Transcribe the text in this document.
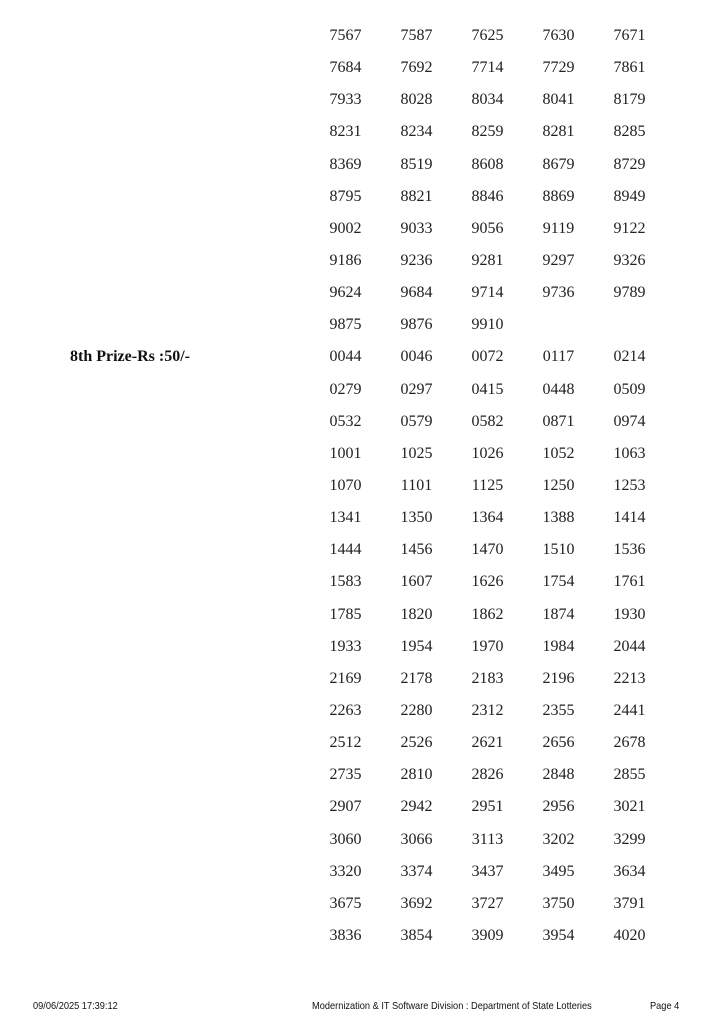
7567	7587	7625	7630	7671
7684	7692	7714	7729	7861
7933	8028	8034	8041	8179
8231	8234	8259	8281	8285
8369	8519	8608	8679	8729
8795	8821	8846	8869	8949
9002	9033	9056	9119	9122
9186	9236	9281	9297	9326
9624	9684	9714	9736	9789
9875	9876	9910
8th Prize-Rs :50/-	0044	0046	0072	0117	0214
0279	0297	0415	0448	0509
0532	0579	0582	0871	0974
1001	1025	1026	1052	1063
1070	1101	1125	1250	1253
1341	1350	1364	1388	1414
1444	1456	1470	1510	1536
1583	1607	1626	1754	1761
1785	1820	1862	1874	1930
1933	1954	1970	1984	2044
2169	2178	2183	2196	2213
2263	2280	2312	2355	2441
2512	2526	2621	2656	2678
2735	2810	2826	2848	2855
2907	2942	2951	2956	3021
3060	3066	3113	3202	3299
3320	3374	3437	3495	3634
3675	3692	3727	3750	3791
3836	3854	3909	3954	4020
09/06/2025 17:39:12	Modernization & IT Software Division : Department of State Lotteries	Page 4
